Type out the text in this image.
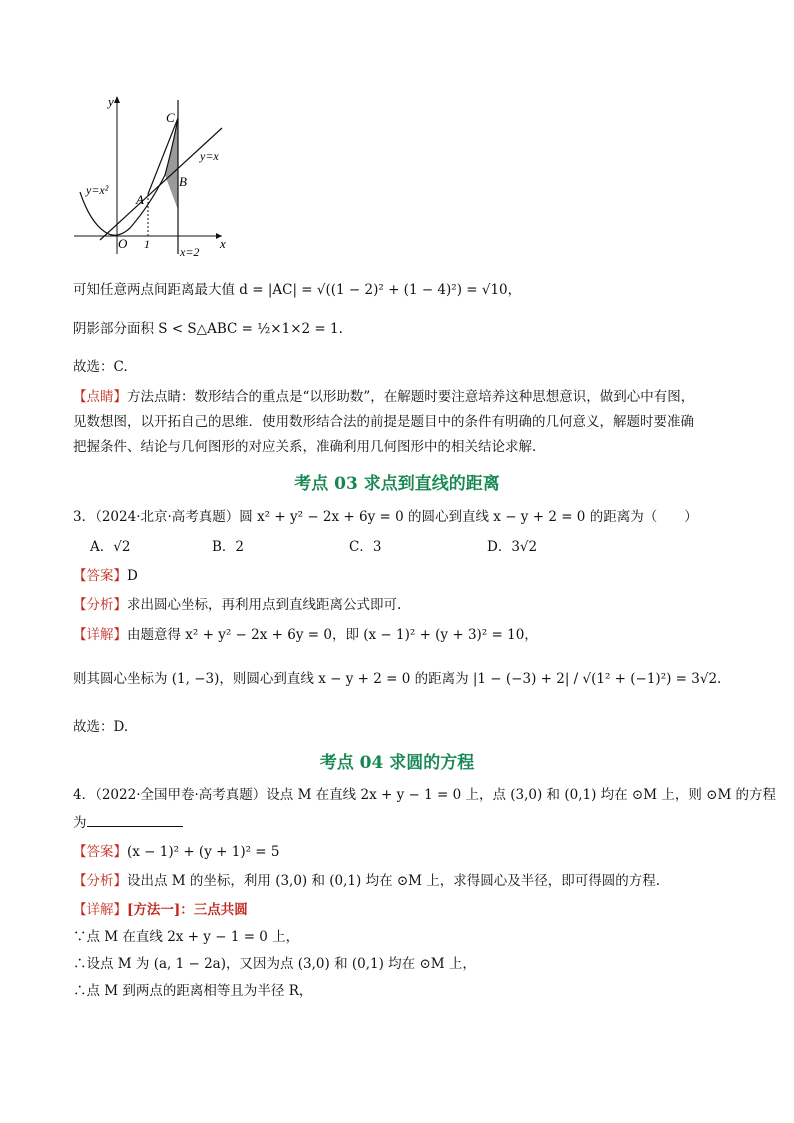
y
x
C
B
A
O 1
y=x²
y=x
x=2
可知任意两点间距离最大值 d = |AC| = √((1 − 2)² + (1 − 4)²) = √10，
阴影部分面积 S < S△ABC = ½×1×2 = 1.
故选：C.
【点睛】方法点睛：数形结合的重点是“以形助数”，在解题时要注意培养这种思想意识，做到心中有图，
见数想图，以开拓自己的思维．使用数形结合法的前提是题目中的条件有明确的几何意义，解题时要准确
把握条件、结论与几何图形的对应关系，准确利用几何图形中的相关结论求解．
考点 03 求点到直线的距离
3．（2024·北京·高考真题）圆 x² + y² − 2x + 6y = 0 的圆心到直线 x − y + 2 = 0 的距离为（　　）
A．√2	B．2	C．3	D．3√2
【答案】D
【分析】求出圆心坐标，再利用点到直线距离公式即可.
【详解】由题意得 x² + y² − 2x + 6y = 0，即 (x − 1)² + (y + 3)² = 10，
则其圆心坐标为 (1, −3)，则圆心到直线 x − y + 2 = 0 的距离为 |1 − (−3) + 2| / √(1² + (−1)²) = 3√2.
故选：D.
考点 04 求圆的方程
4．（2022·全国甲卷·高考真题）设点 M 在直线 2x + y − 1 = 0 上，点 (3,0) 和 (0,1) 均在 ⊙M 上，则 ⊙M 的方程
为
【答案】(x − 1)² + (y + 1)² = 5
【分析】设出点 M 的坐标，利用 (3,0) 和 (0,1) 均在 ⊙M 上，求得圆心及半径，即可得圆的方程.
【详解】[方法一]：三点共圆
∵点 M 在直线 2x + y − 1 = 0 上，
∴设点 M 为 (a, 1 − 2a)，又因为点 (3,0) 和 (0,1) 均在 ⊙M 上，
∴点 M 到两点的距离相等且为半径 R，
